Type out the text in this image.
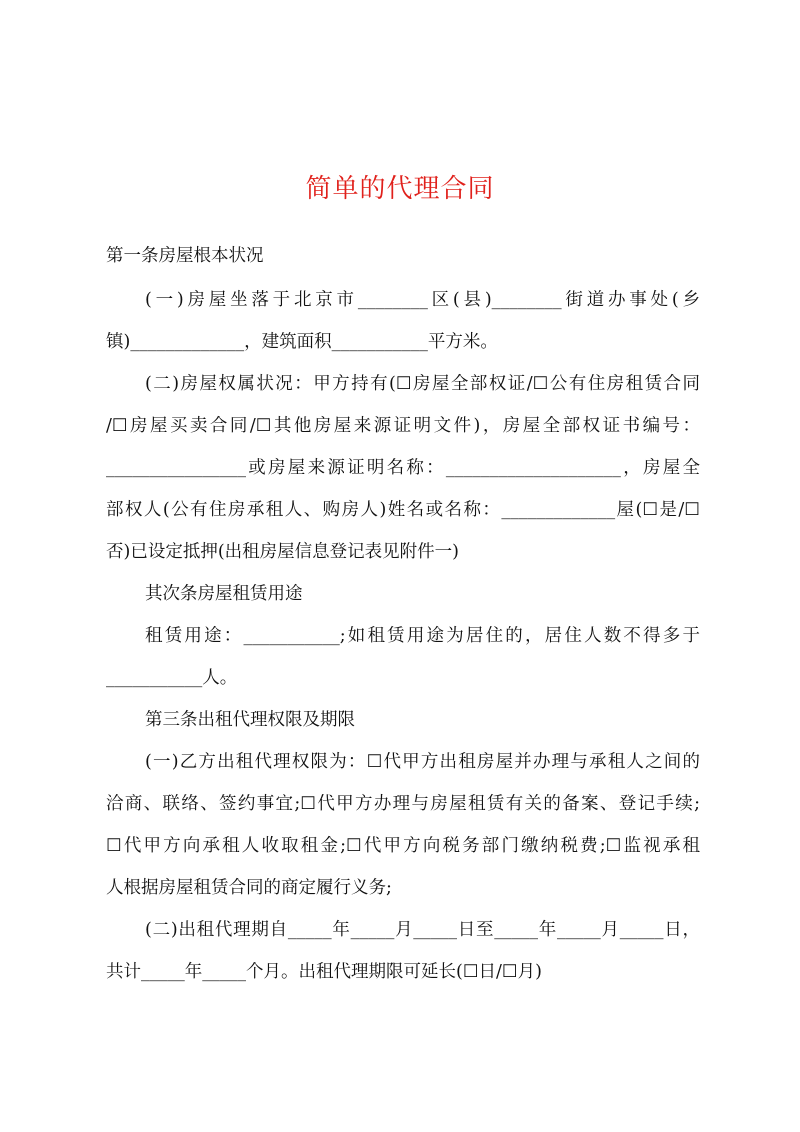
简单的代理合同
第一条房屋根本状况
(一)房屋坐落于北京市________区(县)________街道办事处(乡
镇)_____________，建筑面积___________平方米。
(二)房屋权属状况：甲方持有(☐房屋全部权证/☐公有住房租赁合同
/☐房屋买卖合同/☐其他房屋来源证明文件)，房屋全部权证书编号：
________________或房屋来源证明名称：____________________，房屋全
部权人(公有住房承租人、购房人)姓名或名称：_____________屋(☐是/☐
否)已设定抵押(出租房屋信息登记表见附件一)
其次条房屋租赁用途
租赁用途：___________;如租赁用途为居住的，居住人数不得多于
___________人。
第三条出租代理权限及期限
(一)乙方出租代理权限为：☐代甲方出租房屋并办理与承租人之间的
洽商、联络、签约事宜;☐代甲方办理与房屋租赁有关的备案、登记手续;
☐代甲方向承租人收取租金;☐代甲方向税务部门缴纳税费;☐监视承租
人根据房屋租赁合同的商定履行义务;
(二)出租代理期自_____年_____月_____日至_____年_____月_____日，
共计_____年_____个月。出租代理期限可延长(☐日/☐月)
